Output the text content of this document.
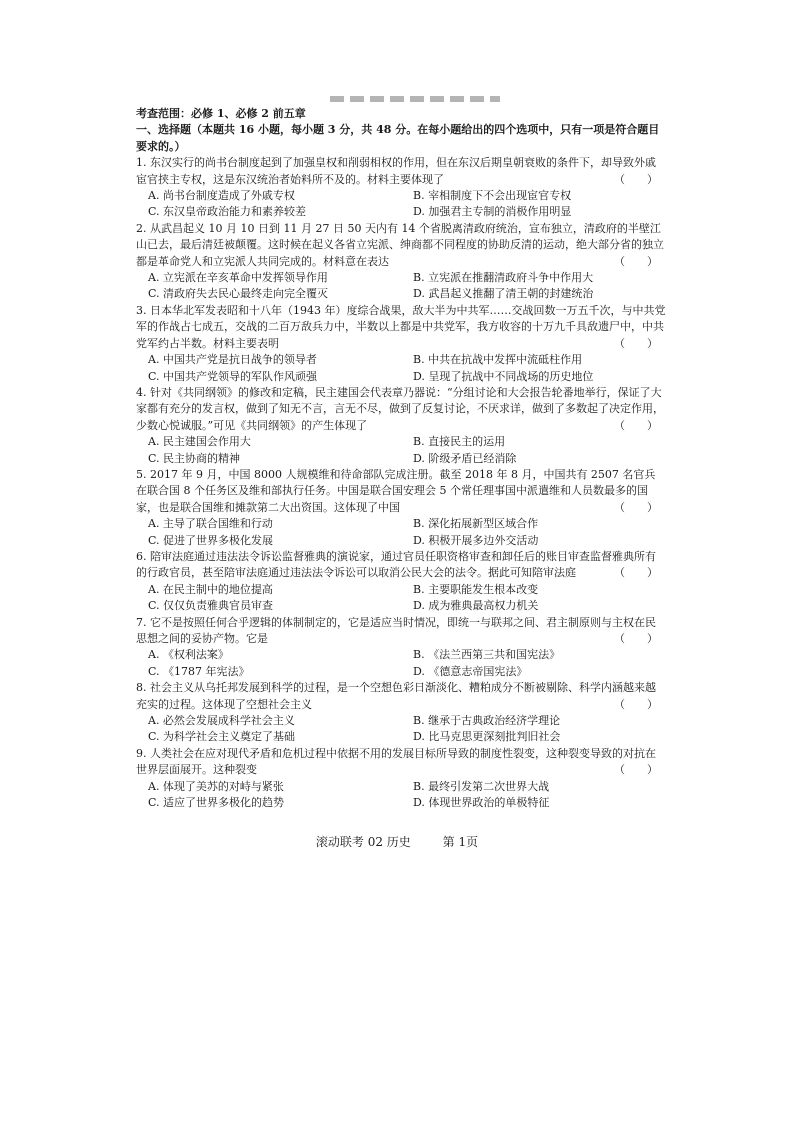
考查范围：必修 1、必修 2 前五章

一、选择题（本题共 16 小题，每小题 3 分，共 48 分。在每小题给出的四个选项中，只有一项是符合题目要求的。）

1. 东汉实行的尚书台制度起到了加强皇权和削弱相权的作用，但在东汉后期皇朝衰败的条件下，却导致外戚宦官挟主专权，这是东汉统治者始料所不及的。材料主要体现了	（　　）
A. 尚书台制度造成了外戚专权	B. 宰相制度下不会出现宦官专权
C. 东汉皇帝政治能力和素养较差	D. 加强君主专制的消极作用明显
2. 从武昌起义 10 月 10 日到 11 月 27 日 50 天内有 14 个省脱离清政府统治，宣布独立，清政府的半壁江山已去，最后清廷被颠覆。这时候在起义各省立宪派、绅商都不同程度的协助反清的运动，绝大部分省的独立都是革命党人和立宪派人共同完成的。材料意在表达	（　　）
A. 立宪派在辛亥革命中发挥领导作用	B. 立宪派在推翻清政府斗争中作用大
C. 清政府失去民心最终走向完全覆灭	D. 武昌起义推翻了清王朝的封建统治
3. 日本华北军发表昭和十八年（1943 年）度综合战果，敌大半为中共军……交战回数一万五千次，与中共党军的作战占七成五，交战的二百万敌兵力中，半数以上都是中共党军，我方收容的十万九千具敌遗尸中，中共党军约占半数。材料主要表明	（　　）
A. 中国共产党是抗日战争的领导者	B. 中共在抗战中发挥中流砥柱作用
C. 中国共产党领导的军队作风顽强	D. 呈现了抗战中不同战场的历史地位
4. 针对《共同纲领》的修改和定稿，民主建国会代表章乃器说：“分组讨论和大会报告轮番地举行，保证了大家都有充分的发言权，做到了知无不言，言无不尽，做到了反复讨论，不厌求详，做到了多数起了决定作用，少数心悦诚服。”可见《共同纲领》的产生体现了	（　　）
A. 民主建国会作用大	B. 直接民主的运用
C. 民主协商的精神	D. 阶级矛盾已经消除
5. 2017 年 9 月，中国 8000 人规模维和待命部队完成注册。截至 2018 年 8 月，中国共有 2507 名官兵在联合国 8 个任务区及维和部执行任务。中国是联合国安理会 5 个常任理事国中派遣维和人员数最多的国家，也是联合国维和摊款第二大出资国。这体现了中国	（　　）
A. 主导了联合国维和行动	B. 深化拓展新型区域合作
C. 促进了世界多极化发展	D. 积极开展多边外交活动
6. 陪审法庭通过违法法令诉讼监督雅典的演说家，通过官员任职资格审查和卸任后的账目审查监督雅典所有的行政官员，甚至陪审法庭通过违法法令诉讼可以取消公民大会的法令。据此可知陪审法庭	（　　）
A. 在民主制中的地位提高	B. 主要职能发生根本改变
C. 仅仅负责雅典官员审查	D. 成为雅典最高权力机关
7. 它不是按照任何合乎逻辑的体制制定的，它是适应当时情况，即统一与联邦之间、君主制原则与主权在民思想之间的妥协产物。它是	（　　）
A. 《权利法案》	B. 《法兰西第三共和国宪法》
C. 《1787 年宪法》	D. 《德意志帝国宪法》
8. 社会主义从乌托邦发展到科学的过程，是一个空想色彩日渐淡化、糟粕成分不断被剔除、科学内涵越来越充实的过程。这体现了空想社会主义	（　　）
A. 必然会发展成科学社会主义	B. 继承于古典政治经济学理论
C. 为科学社会主义奠定了基础	D. 比马克思更深刻批判旧社会
9. 人类社会在应对现代矛盾和危机过程中依据不用的发展目标所导致的制度性裂变，这种裂变导致的对抗在世界层面展开。这种裂变	（　　）
A. 体现了美苏的对峙与紧张	B. 最终引发第二次世界大战
C. 适应了世界多极化的趋势	D. 体现世界政治的单极特征
滚动联考 02 历史	第 1页
